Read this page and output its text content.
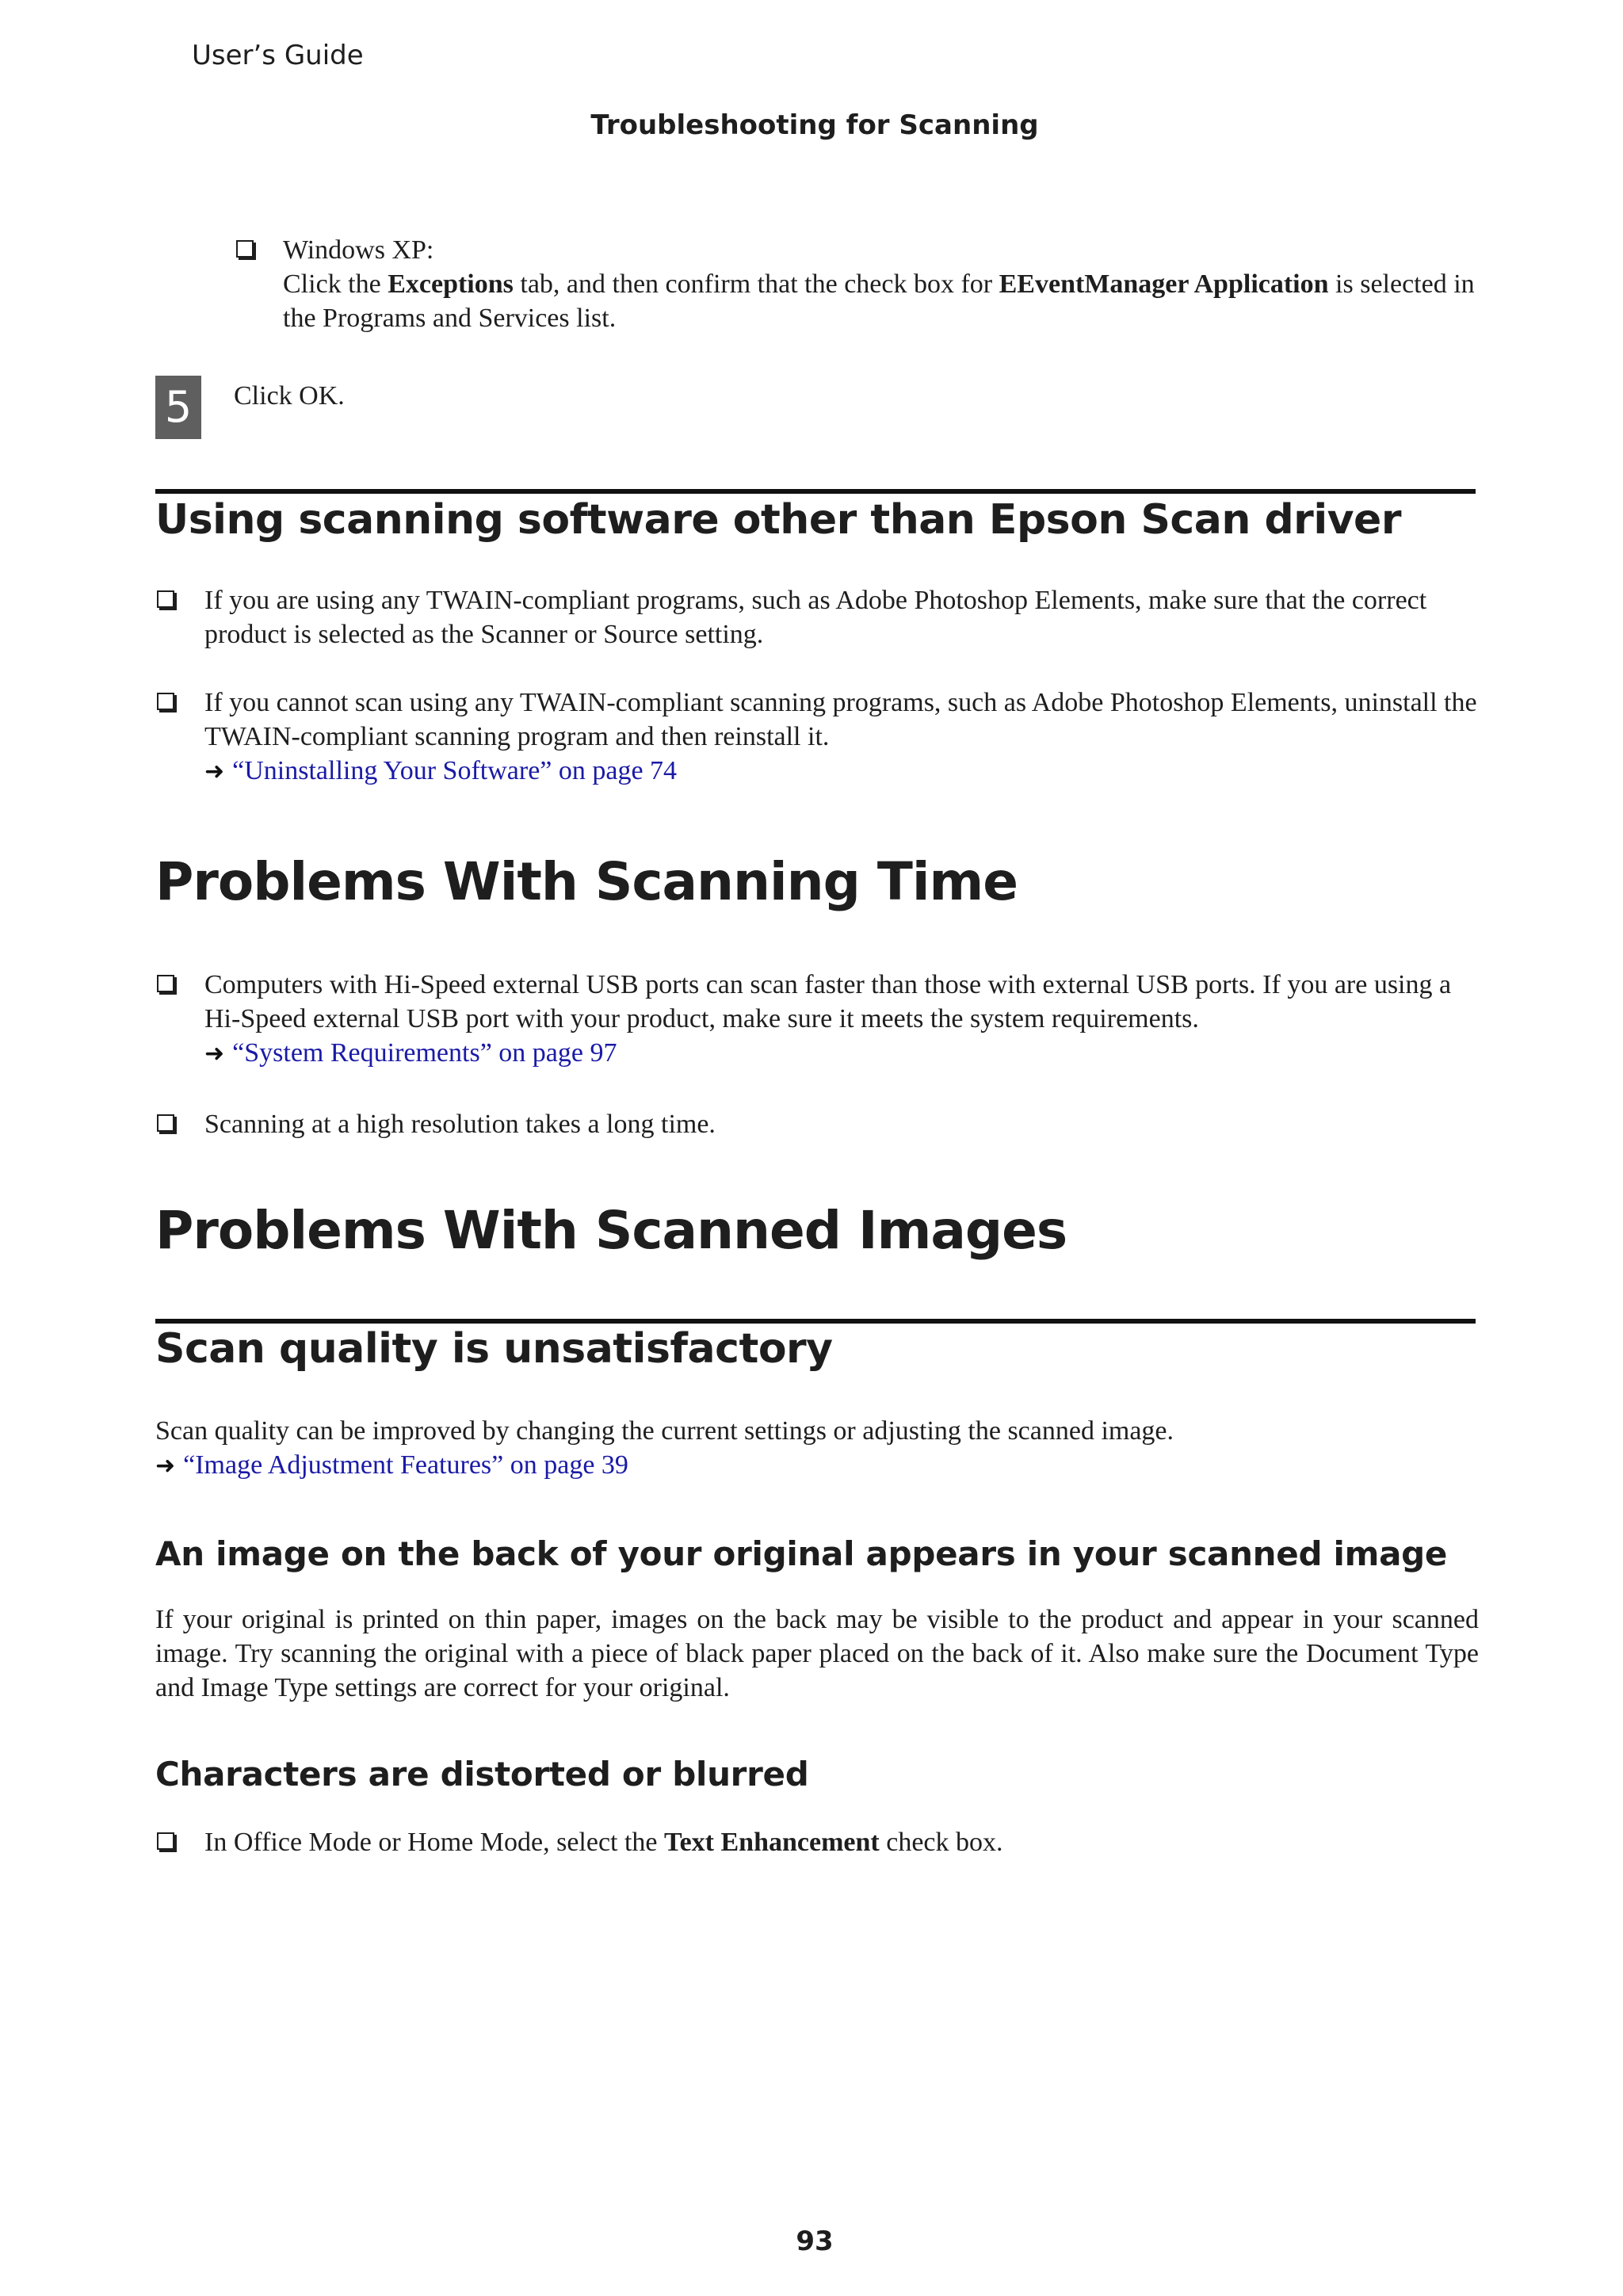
User’s Guide
Troubleshooting for Scanning
Windows XP:
Click the Exceptions tab, and then confirm that the check box for EEventManager Application is selected in the Programs and Services list.
5	Click OK.
Using scanning software other than Epson Scan driver
If you are using any TWAIN-compliant programs, such as Adobe Photoshop Elements, make sure that the correct product is selected as the Scanner or Source setting.
If you cannot scan using any TWAIN-compliant scanning programs, such as Adobe Photoshop Elements, uninstall the TWAIN-compliant scanning program and then reinstall it.
➜ “Uninstalling Your Software” on page 74
Problems With Scanning Time
Computers with Hi-Speed external USB ports can scan faster than those with external USB ports. If you are using a Hi-Speed external USB port with your product, make sure it meets the system requirements.
➜ “System Requirements” on page 97
Scanning at a high resolution takes a long time.
Problems With Scanned Images
Scan quality is unsatisfactory
Scan quality can be improved by changing the current settings or adjusting the scanned image.
➜ “Image Adjustment Features” on page 39
An image on the back of your original appears in your scanned image
If your original is printed on thin paper, images on the back may be visible to the product and appear in your scanned image. Try scanning the original with a piece of black paper placed on the back of it. Also make sure the Document Type and Image Type settings are correct for your original.
Characters are distorted or blurred
In Office Mode or Home Mode, select the Text Enhancement check box.
93
